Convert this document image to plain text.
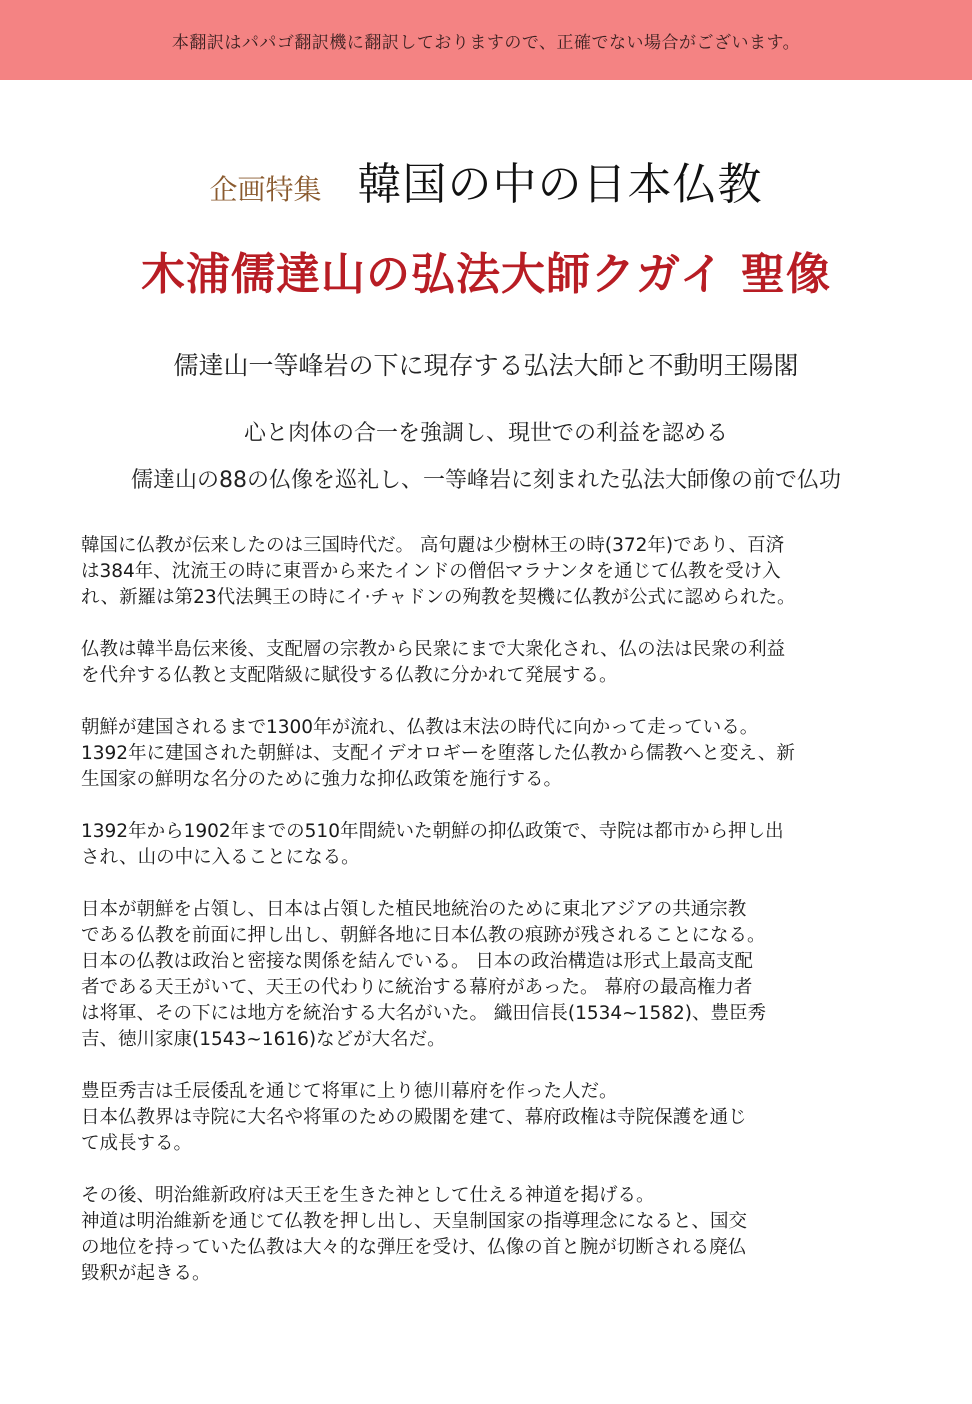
本翻訳はパパゴ翻訳機に翻訳しておりますので、正確でない場合がございます。
企画特集 韓国の中の日本仏教
木浦儒達山の弘法大師クガイ 聖像
儒達山一等峰岩の下に現存する弘法大師と不動明王陽閣
心と肉体の合一を強調し、現世での利益を認める
儒達山の88の仏像を巡礼し、一等峰岩に刻まれた弘法大師像の前で仏功

韓国に仏教が伝来したのは三国時代だ。 高句麗は少樹林王の時(372年)であり、百済
は384年、沈流王の時に東晋から来たインドの僧侶マラナンタを通じて仏教を受け入
れ、新羅は第23代法興王の時にイ·チャドンの殉教を契機に仏教が公式に認められた。

仏教は韓半島伝来後、支配層の宗教から民衆にまで大衆化され、仏の法は民衆の利益
を代弁する仏教と支配階級に賦役する仏教に分かれて発展する。

朝鮮が建国されるまで1300年が流れ、仏教は末法の時代に向かって走っている。
1392年に建国された朝鮮は、支配イデオロギーを堕落した仏教から儒教へと変え、新
生国家の鮮明な名分のために強力な抑仏政策を施行する。

1392年から1902年までの510年間続いた朝鮮の抑仏政策で、寺院は都市から押し出
され、山の中に入ることになる。

日本が朝鮮を占領し、日本は占領した植民地統治のために東北アジアの共通宗教
である仏教を前面に押し出し、朝鮮各地に日本仏教の痕跡が残されることになる。
日本の仏教は政治と密接な関係を結んでいる。 日本の政治構造は形式上最高支配
者である天王がいて、天王の代わりに統治する幕府があった。 幕府の最高権力者
は将軍、その下には地方を統治する大名がいた。 織田信長(1534~1582)、豊臣秀
吉、徳川家康(1543~1616)などが大名だ。

豊臣秀吉は壬辰倭乱を通じて将軍に上り徳川幕府を作った人だ。
日本仏教界は寺院に大名や将軍のための殿閣を建て、幕府政権は寺院保護を通じ
て成長する。

その後、明治維新政府は天王を生きた神として仕える神道を掲げる。
神道は明治維新を通じて仏教を押し出し、天皇制国家の指導理念になると、国交
の地位を持っていた仏教は大々的な弾圧を受け、仏像の首と腕が切断される廃仏
毀釈が起きる。
